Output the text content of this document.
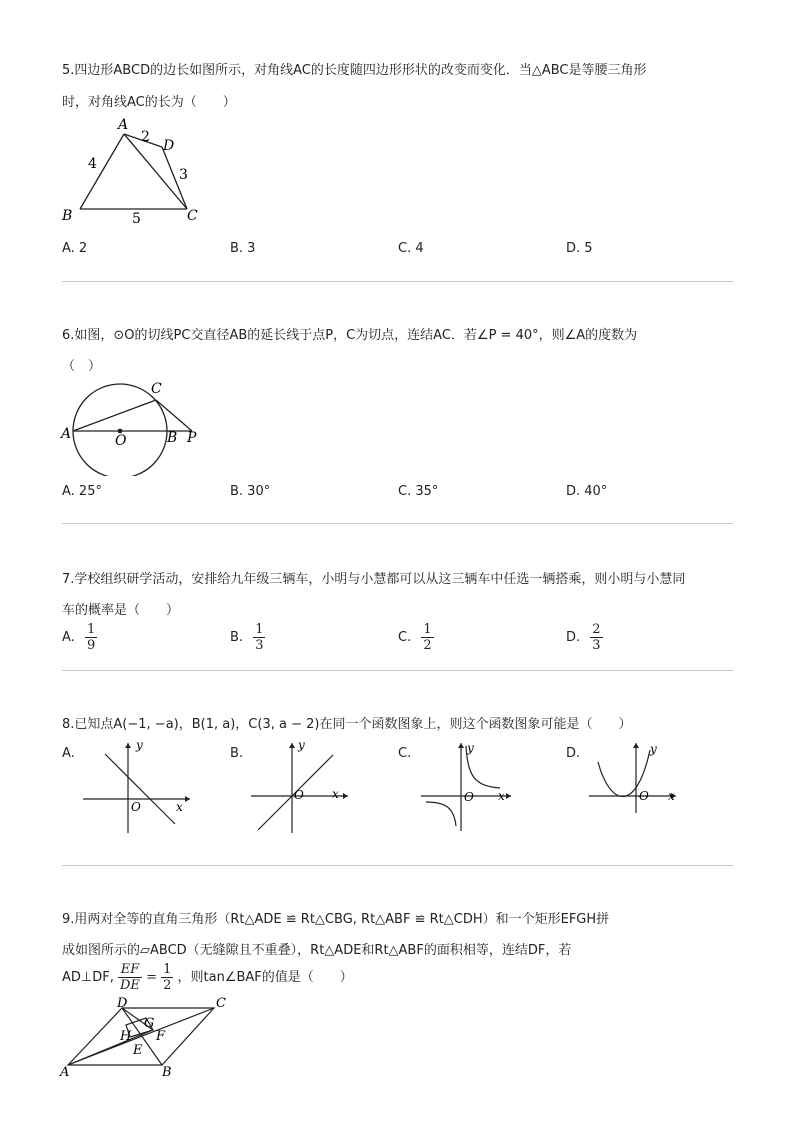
5.四边形ABCD的边长如图所示，对角线AC的长度随四边形形状的改变而变化．当△ABC是等腰三角形
时，对角线AC的长为（　　）
A
B	C
D
4
5
2
3
A. 2	B. 3	C. 4	D. 5
6.如图，⊙O的切线PC交直径AB的延长线于点P，C为切点，连结AC．若∠P = 40°，则∠A的度数为
（　）
A	O	B P
C
A. 25°	B. 30°	C. 35°	D. 40°
7.学校组织研学活动，安排给九年级三辆车，小明与小慧都可以从这三辆车中任选一辆搭乘，则小明与小慧同
车的概率是（　　）
A. $\frac{1}{9}$	B. $\frac{1}{3}$	C. $\frac{1}{2}$	D. $\frac{2}{3}$
8.已知点A(−1, −a)，B(1, a)，C(3, a − 2)在同一个函数图象上，则这个函数图象可能是（　　）
A.	B.	C.	D.
y
x
O
y
x
O
y
x
O
y
x
O
9.用两对全等的直角三角形（Rt△ADE ≌ Rt△CBG, Rt△ABF ≌ Rt△CDH）和一个矩形EFGH拼
成如图所示的▱ABCD（无缝隙且不重叠），Rt△ADE和Rt△ABF的面积相等，连结DF，若
AD⊥DF, $\frac{EF}{DE} = \frac{1}{2}$ ，则tan∠BAF的值是（　　）
D	C
A	B
G
H F
E
